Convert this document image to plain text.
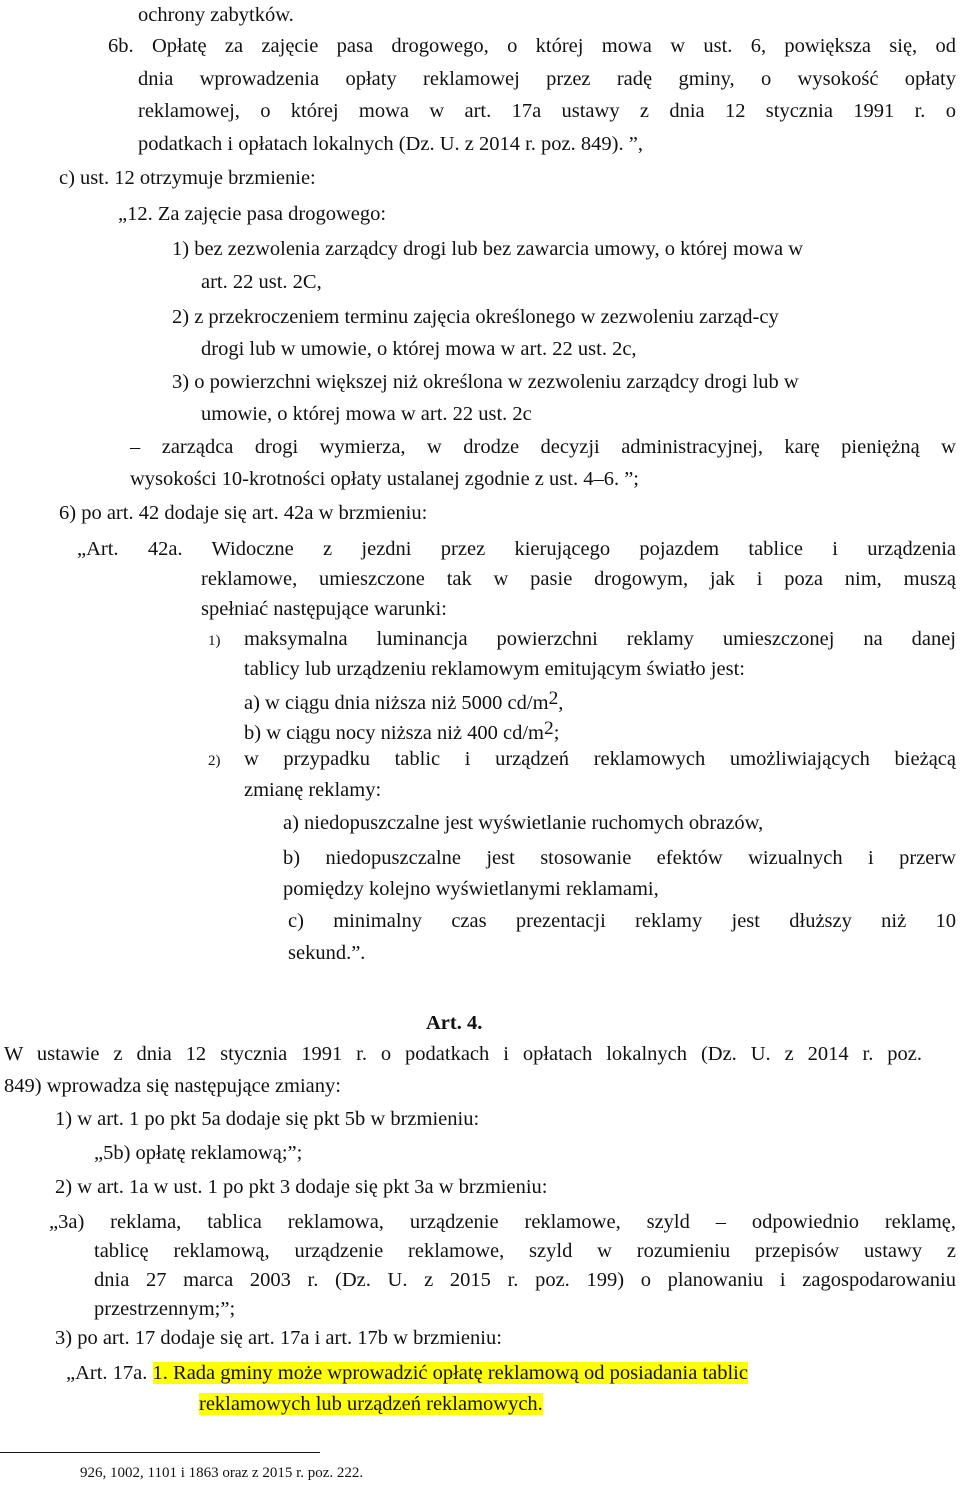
ochrony zabytków.
6b. Opłatę za zajęcie pasa drogowego, o której mowa w ust. 6, powiększa się, od
dnia wprowadzenia opłaty reklamowej przez radę gminy, o wysokość opłaty
reklamowej, o której mowa w art. 17a ustawy z dnia 12 stycznia 1991 r. o
podatkach i opłatach lokalnych (Dz. U. z 2014 r. poz. 849). ”,
c) ust. 12 otrzymuje brzmienie:
„12. Za zajęcie pasa drogowego:
1) bez zezwolenia zarządcy drogi lub bez zawarcia umowy, o której mowa w
art. 22 ust. 2C,
2) z przekroczeniem terminu zajęcia określonego w zezwoleniu zarząd-cy
drogi lub w umowie, o której mowa w art. 22 ust. 2c,
3) o powierzchni większej niż określona w zezwoleniu zarządcy drogi lub w
umowie, o której mowa w art. 22 ust. 2c
– zarządca drogi wymierza, w drodze decyzji administracyjnej, karę pieniężną w
wysokości 10-krotności opłaty ustalanej zgodnie z ust. 4–6. ”;
6) po art. 42 dodaje się art. 42a w brzmieniu:
„Art. 42a. Widoczne z jezdni przez kierującego pojazdem tablice i urządzenia
reklamowe, umieszczone tak w pasie drogowym, jak i poza nim, muszą
spełniać następujące warunki:
1) maksymalna luminancja powierzchni reklamy umieszczonej na danej
tablicy lub urządzeniu reklamowym emitującym światło jest:
a) w ciągu dnia niższa niż 5000 cd/m2,
b) w ciągu nocy niższa niż 400 cd/m2;
2) w przypadku tablic i urządzeń reklamowych umożliwiających bieżącą
zmianę reklamy:
a) niedopuszczalne jest wyświetlanie ruchomych obrazów,
b) niedopuszczalne jest stosowanie efektów wizualnych i przerw
pomiędzy kolejno wyświetlanymi reklamami,
c) minimalny czas prezentacji reklamy jest dłuższy niż 10
sekund.”.
Art. 4.
W ustawie z dnia 12 stycznia 1991 r. o podatkach i opłatach lokalnych (Dz. U. z 2014 r. poz.
849) wprowadza się następujące zmiany:
1) w art. 1 po pkt 5a dodaje się pkt 5b w brzmieniu:
„5b) opłatę reklamową;”;
2) w art. 1a w ust. 1 po pkt 3 dodaje się pkt 3a w brzmieniu:
„3a) reklama, tablica reklamowa, urządzenie reklamowe, szyld – odpowiednio reklamę,
tablicę reklamową, urządzenie reklamowe, szyld w rozumieniu przepisów ustawy z
dnia 27 marca 2003 r. (Dz. U. z 2015 r. poz. 199) o planowaniu i zagospodarowaniu
przestrzennym;”;
3) po art. 17 dodaje się art. 17a i art. 17b w brzmieniu:
„Art. 17a. 1. Rada gminy może wprowadzić opłatę reklamową od posiadania tablic
reklamowych lub urządzeń reklamowych.
926, 1002, 1101 i 1863 oraz z 2015 r. poz. 222.
